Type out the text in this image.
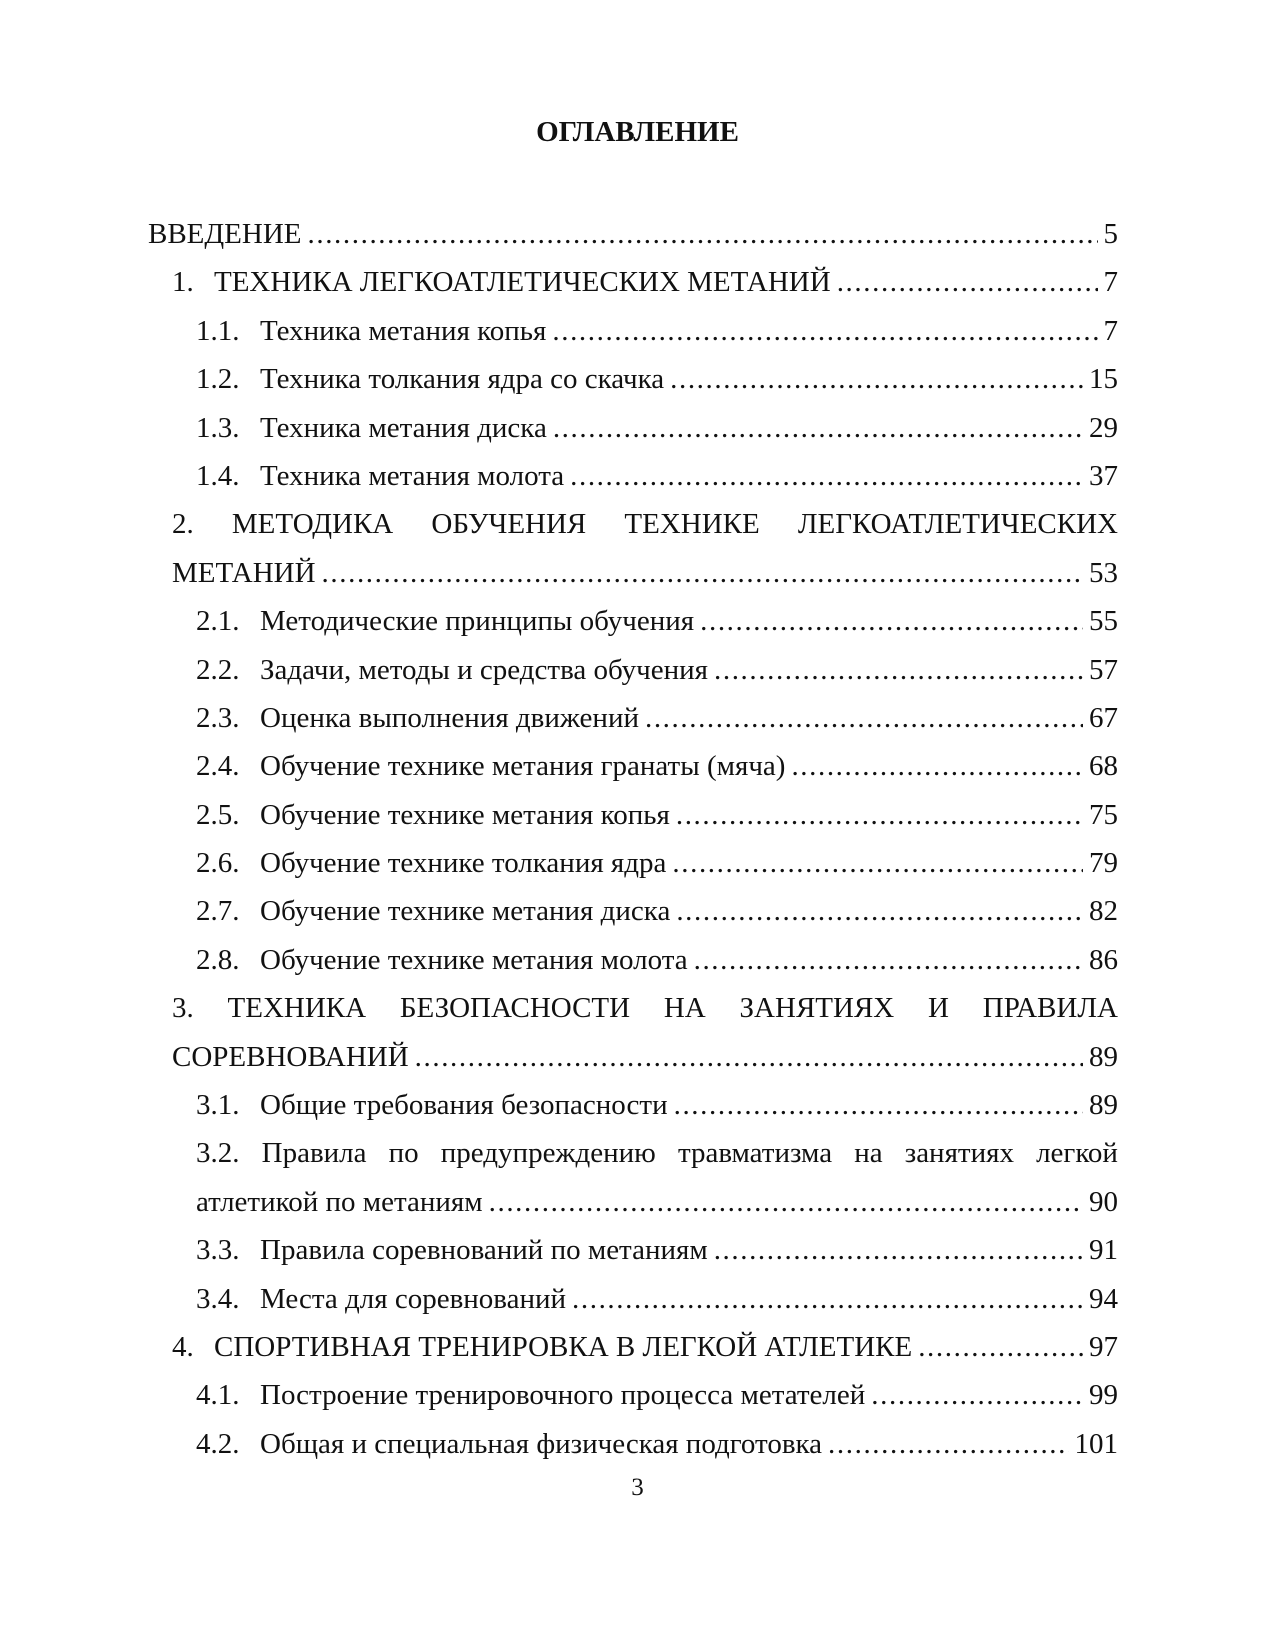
ОГЛАВЛЕНИЕ
ВВЕДЕНИЕ .....	5
1. ТЕХНИКА ЛЕГКОАТЛЕТИЧЕСКИХ МЕТАНИЙ .....	7
1.1. Техника метания копья .....	7
1.2. Техника толкания ядра со скачка .....	15
1.3. Техника метания диска .....	29
1.4. Техника метания молота .....	37
2. МЕТОДИКА ОБУЧЕНИЯ ТЕХНИКЕ ЛЕГКОАТЛЕТИЧЕСКИХ
МЕТАНИЙ .....	53
2.1. Методические принципы обучения .....	55
2.2. Задачи, методы и средства обучения .....	57
2.3. Оценка выполнения движений .....	67
2.4. Обучение технике метания гранаты (мяча) .....	68
2.5. Обучение технике метания копья .....	75
2.6. Обучение технике толкания ядра .....	79
2.7. Обучение технике метания диска .....	82
2.8. Обучение технике метания молота .....	86
3. ТЕХНИКА БЕЗОПАСНОСТИ НА ЗАНЯТИЯХ И ПРАВИЛА
СОРЕВНОВАНИЙ .....	89
3.1. Общие требования безопасности .....	89
3.2. Правила по предупреждению травматизма на занятиях легкой
атлетикой по метаниям .....	90
3.3. Правила соревнований по метаниям .....	91
3.4. Места для соревнований .....	94
4. СПОРТИВНАЯ ТРЕНИРОВКА В ЛЕГКОЙ АТЛЕТИКЕ .....	97
4.1. Построение тренировочного процесса метателей .....	99
4.2. Общая и специальная физическая подготовка .....	101
3
